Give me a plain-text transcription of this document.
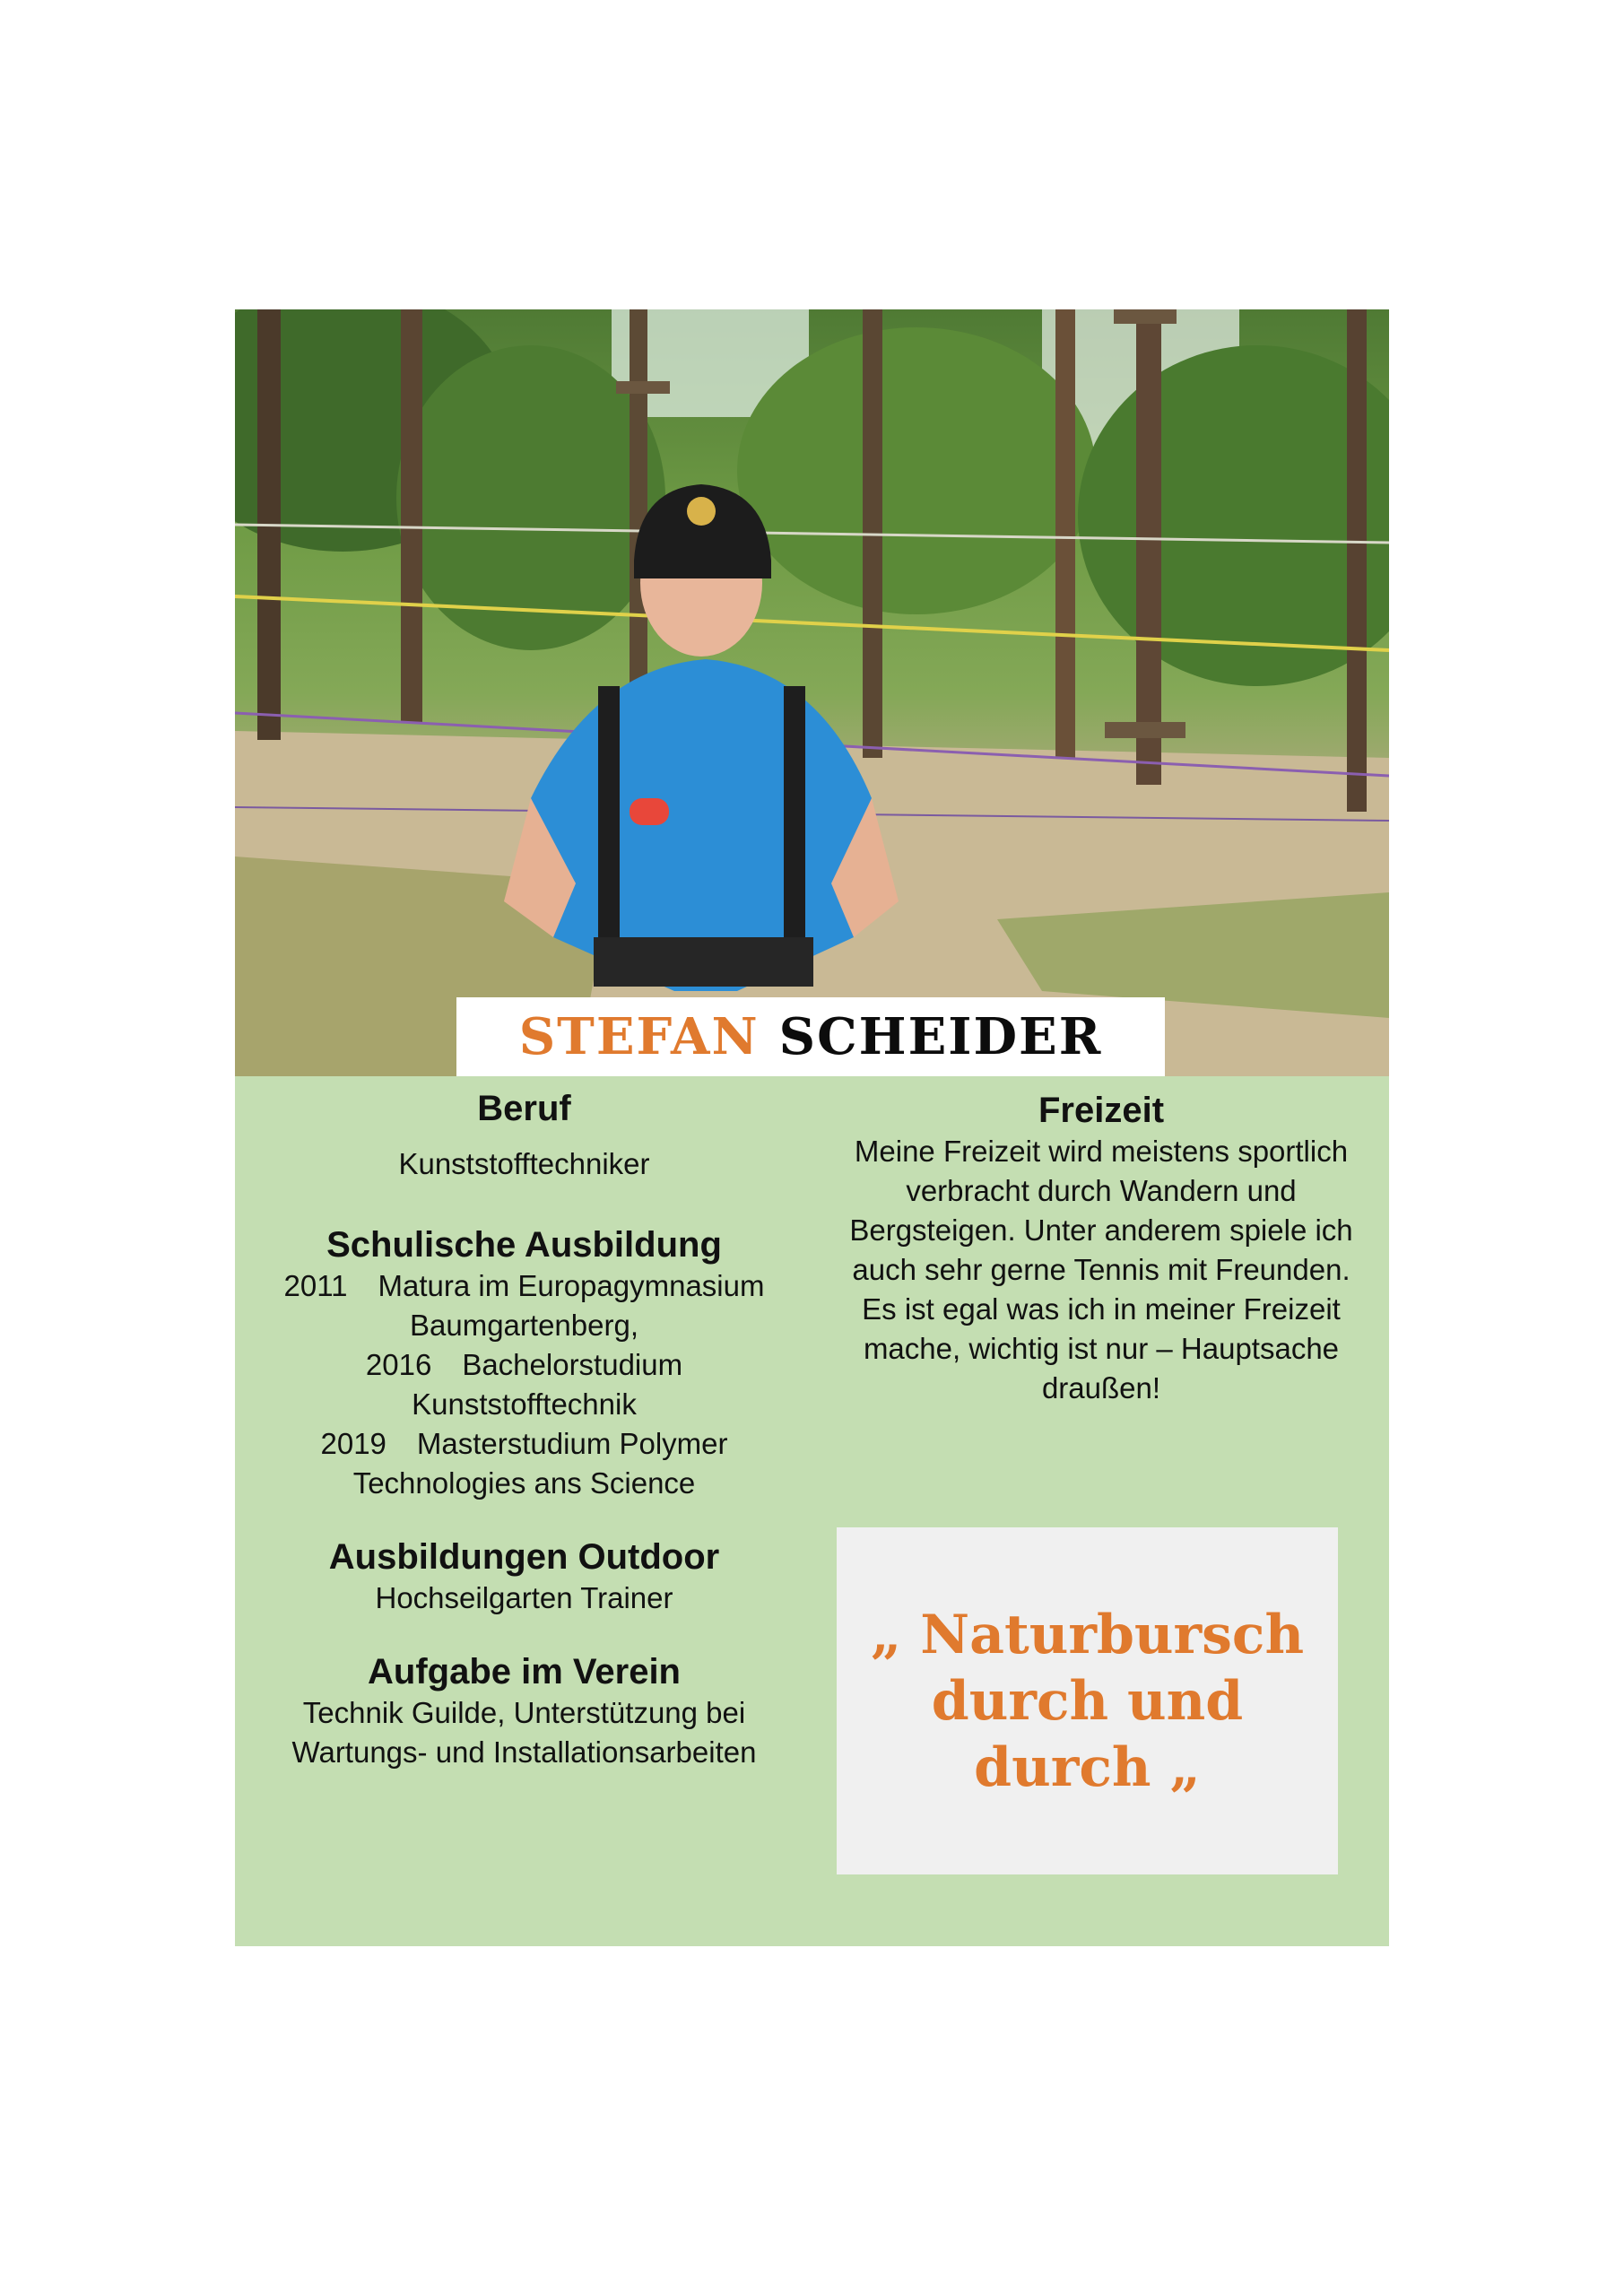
STEFAN SCHEIDER
Beruf
Kunststofftechniker
Schulische Ausbildung
2011 Matura im Europagymnasium
Baumgartenberg,
2016 Bachelorstudium
Kunststofftechnik
2019 Masterstudium Polymer
Technologies ans Science
Ausbildungen Outdoor
Hochseilgarten Trainer
Aufgabe im Verein
Technik Guilde, Unterstützung bei
Wartungs- und Installationsarbeiten
Freizeit
Meine Freizeit wird meistens sportlich
verbracht durch Wandern und
Bergsteigen. Unter anderem spiele ich
auch sehr gerne Tennis mit Freunden.
Es ist egal was ich in meiner Freizeit
mache, wichtig ist nur – Hauptsache
draußen!
„ Naturbursch
durch und
durch „
